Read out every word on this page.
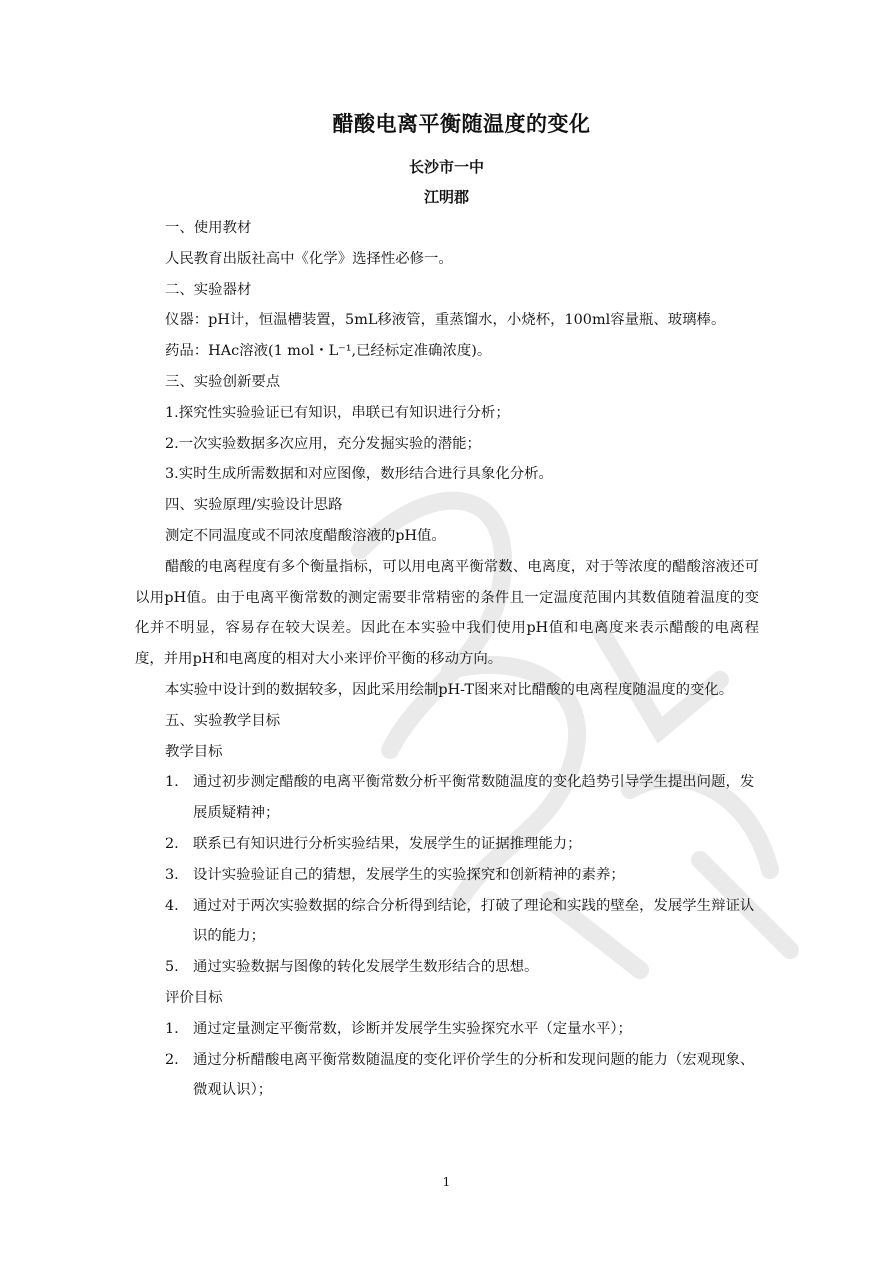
醋酸电离平衡随温度的变化
长沙市一中
江明郡
一、使用教材
人民教育出版社高中《化学》选择性必修一。
二、实验器材
仪器：pH计，恒温槽装置，5mL移液管，重蒸馏水，小烧杯，100ml容量瓶、玻璃棒。
药品：HAc溶液(1 mol・L⁻¹,已经标定准确浓度)。
三、实验创新要点
1.探究性实验验证已有知识，串联已有知识进行分析；
2.一次实验数据多次应用，充分发掘实验的潜能；
3.实时生成所需数据和对应图像，数形结合进行具象化分析。
四、实验原理/实验设计思路
测定不同温度或不同浓度醋酸溶液的pH值。
醋酸的电离程度有多个衡量指标，可以用电离平衡常数、电离度，对于等浓度的醋酸溶液还可以用pH值。由于电离平衡常数的测定需要非常精密的条件且一定温度范围内其数值随着温度的变化并不明显，容易存在较大误差。因此在本实验中我们使用pH值和电离度来表示醋酸的电离程度，并用pH和电离度的相对大小来评价平衡的移动方向。
本实验中设计到的数据较多，因此采用绘制pH-T图来对比醋酸的电离程度随温度的变化。
五、实验教学目标
教学目标
1. 通过初步测定醋酸的电离平衡常数分析平衡常数随温度的变化趋势引导学生提出问题，发展质疑精神；
2. 联系已有知识进行分析实验结果，发展学生的证据推理能力；
3. 设计实验验证自己的猜想，发展学生的实验探究和创新精神的素养；
4. 通过对于两次实验数据的综合分析得到结论，打破了理论和实践的壁垒，发展学生辩证认识的能力；
5. 通过实验数据与图像的转化发展学生数形结合的思想。
评价目标
1. 通过定量测定平衡常数，诊断并发展学生实验探究水平（定量水平）；
2. 通过分析醋酸电离平衡常数随温度的变化评价学生的分析和发现问题的能力（宏观现象、微观认识）；
1
